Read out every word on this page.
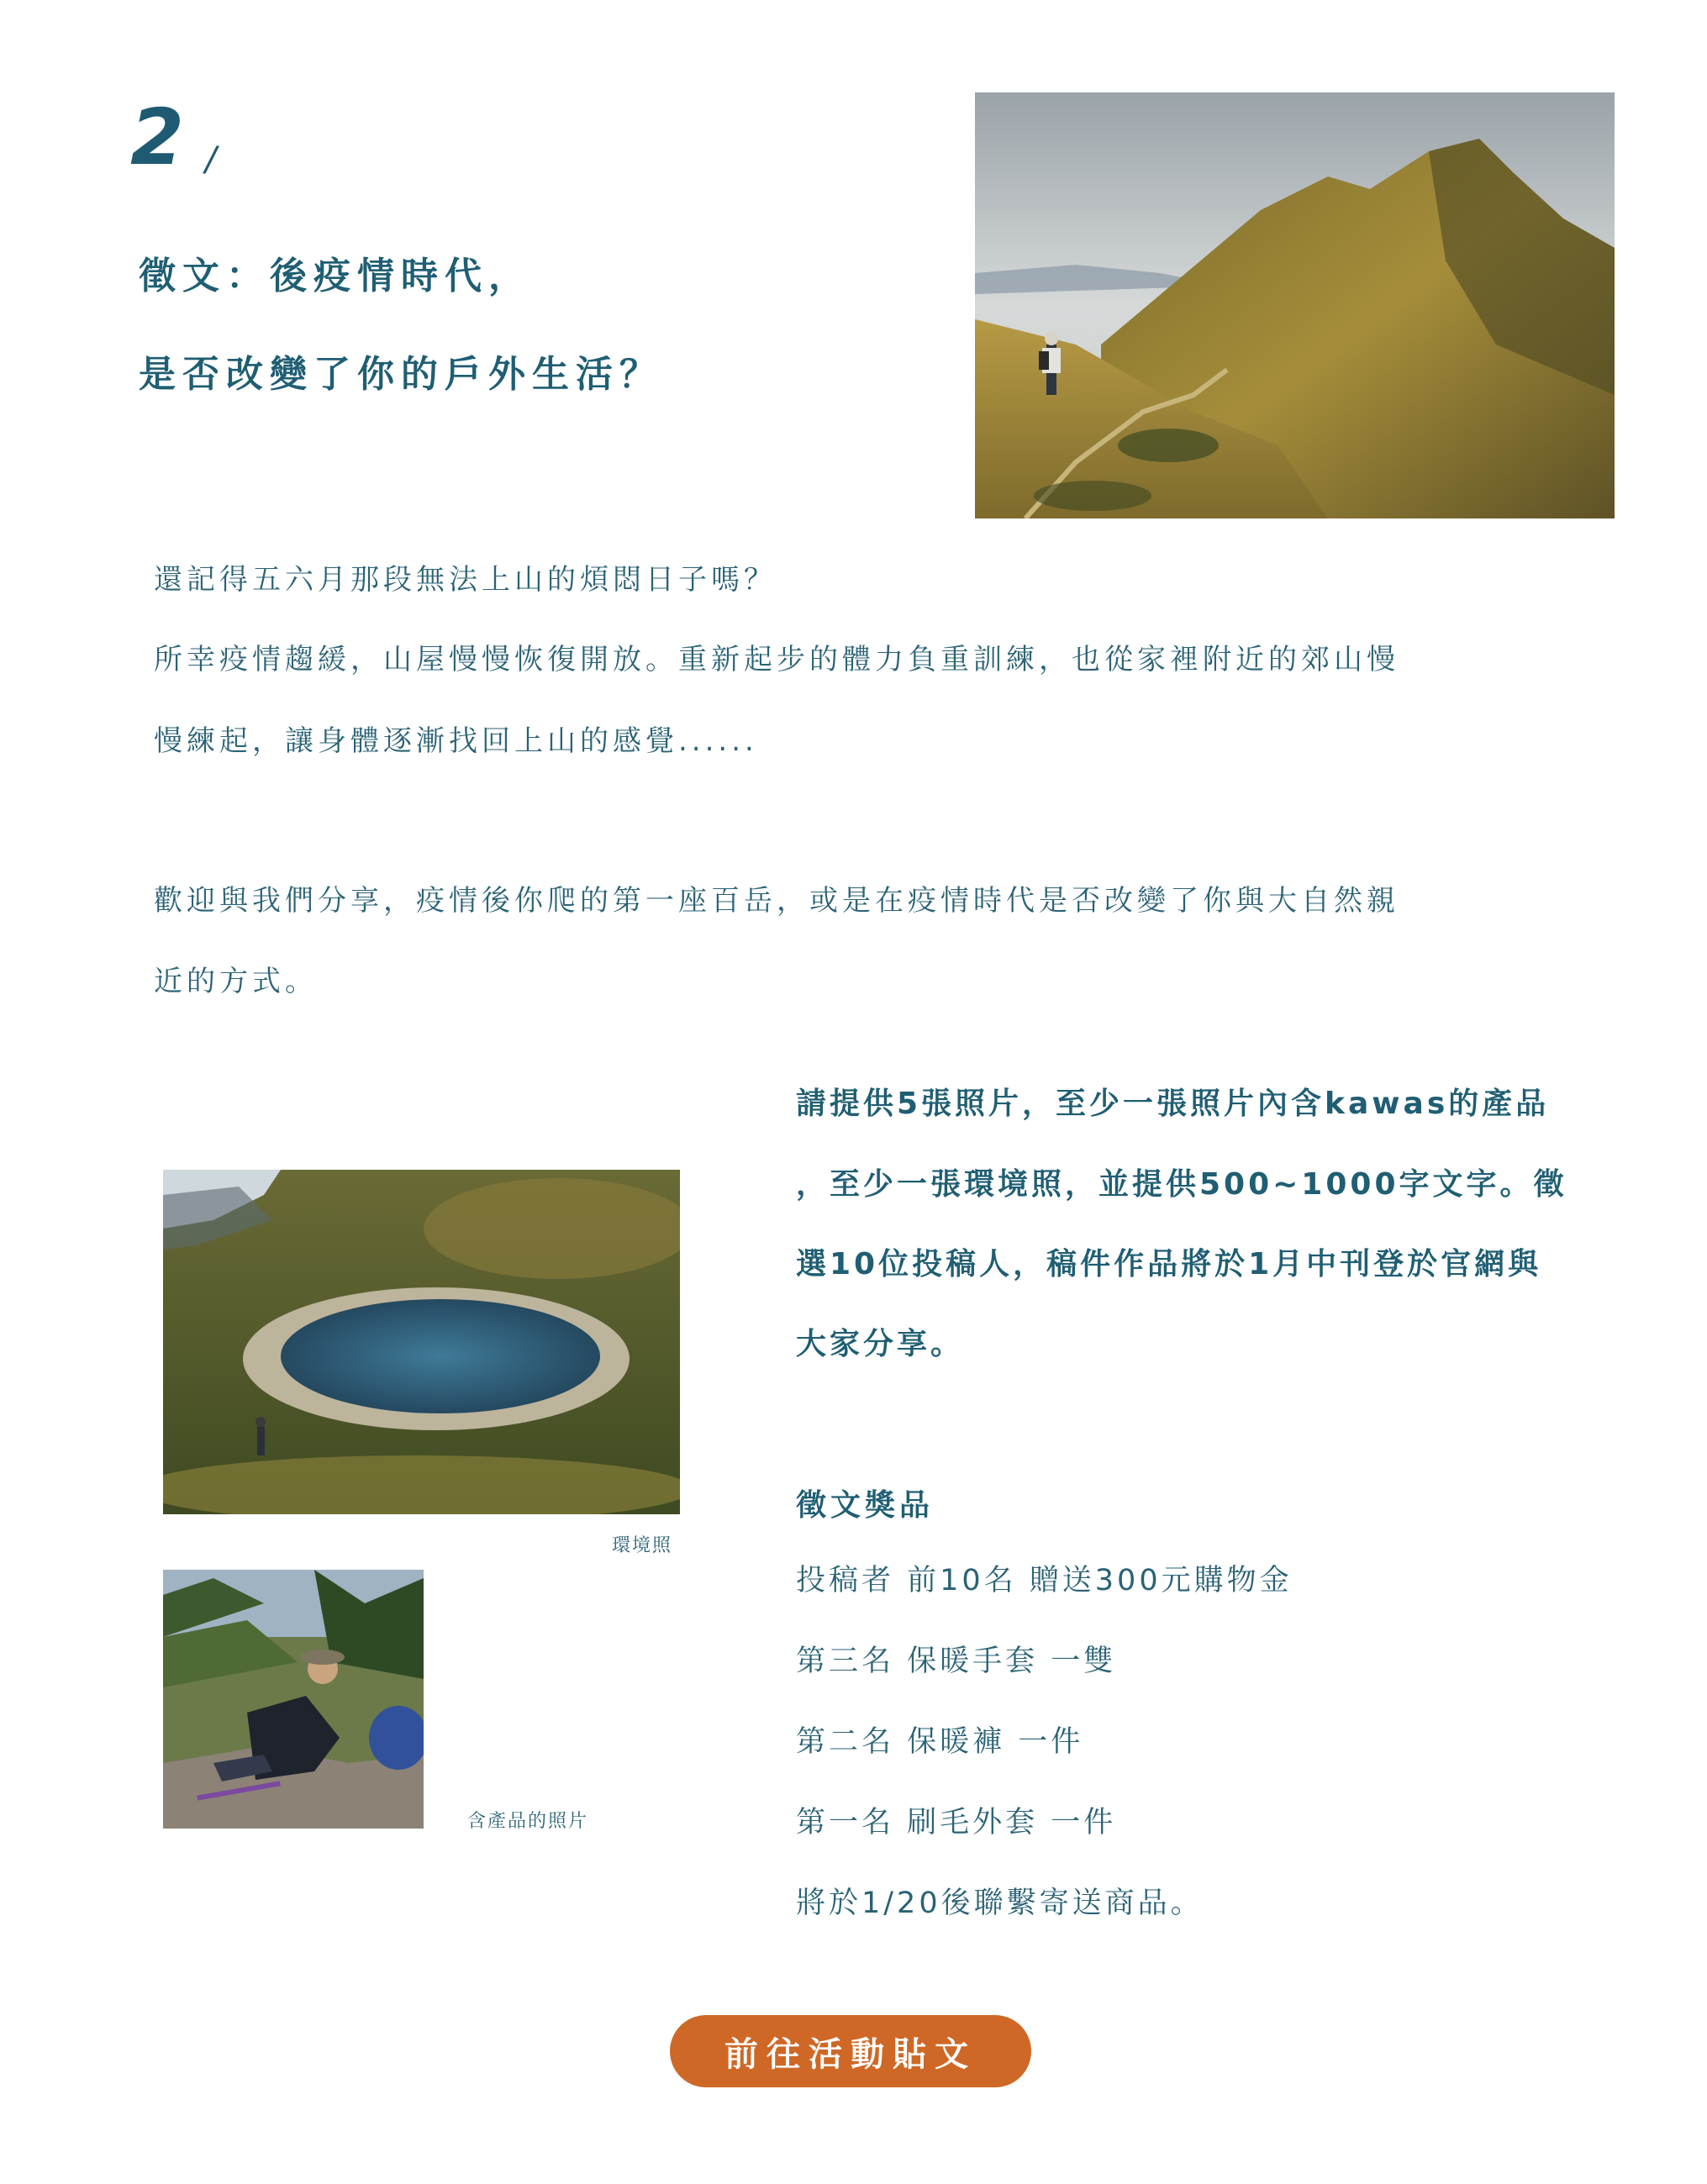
2 /
徵文：後疫情時代，
是否改變了你的戶外生活？
還記得五六月那段無法上山的煩悶日子嗎？
所幸疫情趨緩，山屋慢慢恢復開放。重新起步的體力負重訓練，也從家裡附近的郊山慢
慢練起，讓身體逐漸找回上山的感覺......
歡迎與我們分享，疫情後你爬的第一座百岳，或是在疫情時代是否改變了你與大自然親
近的方式。
環境照
含產品的照片
請提供5張照片，至少一張照片內含kawas的產品
，至少一張環境照，並提供500~1000字文字。徵
選10位投稿人，稿件作品將於1月中刊登於官網與
大家分享。
徵文獎品
投稿者 前10名 贈送300元購物金
第三名 保暖手套 一雙
第二名 保暖褲 一件
第一名 刷毛外套 一件
將於1/20後聯繫寄送商品。
前往活動貼文
